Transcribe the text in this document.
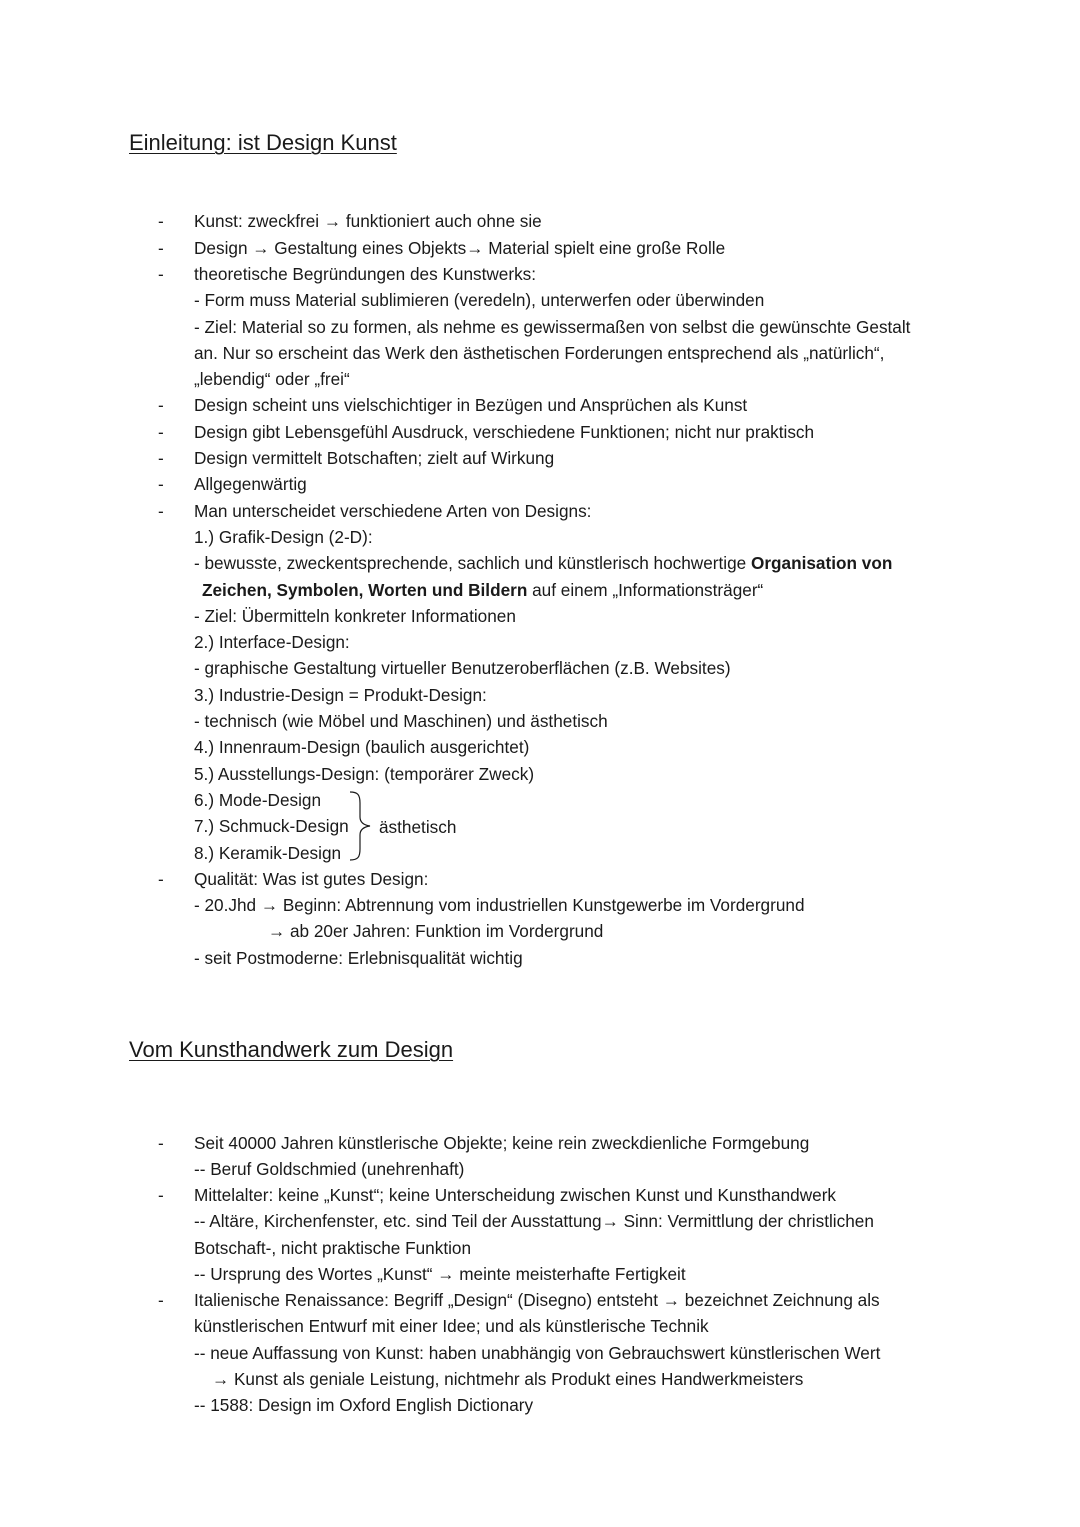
Einleitung: ist Design Kunst
-
-
-
-
-
-
-
-
-
Kunst: zweckfrei → funktioniert auch ohne sie
Design → Gestaltung eines Objekts→ Material spielt eine große Rolle
theoretische Begründungen des Kunstwerks:
- Form muss Material sublimieren (veredeln), unterwerfen oder überwinden
- Ziel: Material so zu formen, als nehme es gewissermaßen von selbst die gewünschte Gestalt
an. Nur so erscheint das Werk den ästhetischen Forderungen entsprechend als „natürlich“,
„lebendig“ oder „frei“
Design scheint uns vielschichtiger in Bezügen und Ansprüchen als Kunst
Design gibt Lebensgefühl Ausdruck, verschiedene Funktionen; nicht nur praktisch
Design vermittelt Botschaften; zielt auf Wirkung
Allgegenwärtig
Man unterscheidet verschiedene Arten von Designs:
1.) Grafik-Design (2-D):
- bewusste, zweckentsprechende, sachlich und künstlerisch hochwertige Organisation von
Zeichen, Symbolen, Worten und Bildern auf einem „Informationsträger“
- Ziel: Übermitteln konkreter Informationen
2.) Interface-Design:
- graphische Gestaltung virtueller Benutzeroberflächen (z.B. Websites)
3.) Industrie-Design = Produkt-Design:
- technisch (wie Möbel und Maschinen) und ästhetisch
4.) Innenraum-Design (baulich ausgerichtet)
5.) Ausstellungs-Design: (temporärer Zweck)
6.) Mode-Design
7.) Schmuck-Design
8.) Keramik-Design
ästhetisch
Qualität: Was ist gutes Design:
- 20.Jhd → Beginn: Abtrennung vom industriellen Kunstgewerbe im Vordergrund
→ ab 20er Jahren: Funktion im Vordergrund
- seit Postmoderne: Erlebnisqualität wichtig
Vom Kunsthandwerk zum Design
-
-
-
Seit 40000 Jahren künstlerische Objekte; keine rein zweckdienliche Formgebung
-- Beruf Goldschmied (unehrenhaft)
Mittelalter: keine „Kunst“; keine Unterscheidung zwischen Kunst und Kunsthandwerk
-- Altäre, Kirchenfenster, etc. sind Teil der Ausstattung→ Sinn: Vermittlung der christlichen
Botschaft-, nicht praktische Funktion
-- Ursprung des Wortes „Kunst“ → meinte meisterhafte Fertigkeit
Italienische Renaissance: Begriff „Design“ (Disegno) entsteht → bezeichnet Zeichnung als
künstlerischen Entwurf mit einer Idee; und als künstlerische Technik
-- neue Auffassung von Kunst: haben unabhängig von Gebrauchswert künstlerischen Wert
→ Kunst als geniale Leistung, nichtmehr als Produkt eines Handwerkmeisters
-- 1588: Design im Oxford English Dictionary
